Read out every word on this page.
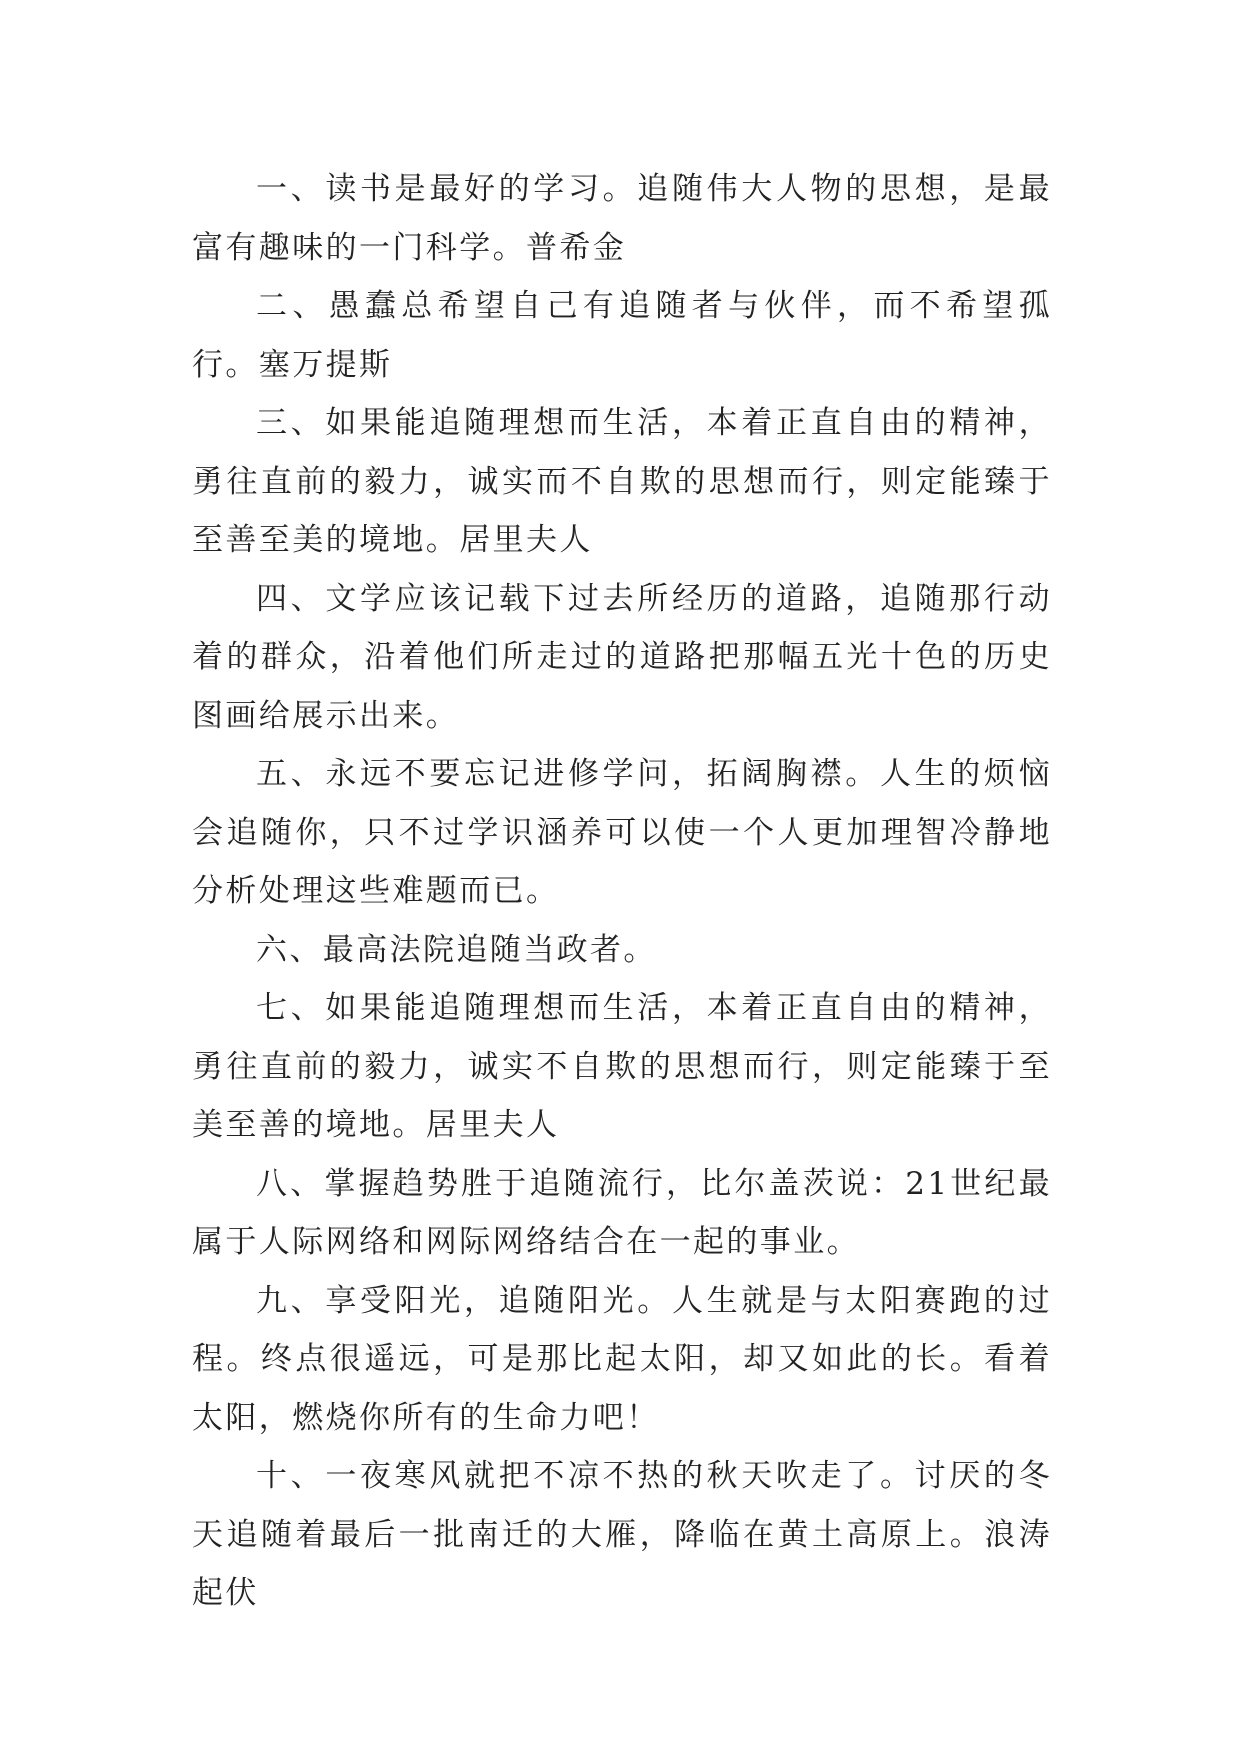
一、读书是最好的学习。追随伟大人物的思想，是最富有趣味的一门科学。普希金

二、愚蠢总希望自己有追随者与伙伴，而不希望孤行。塞万提斯

三、如果能追随理想而生活，本着正直自由的精神，勇往直前的毅力，诚实而不自欺的思想而行，则定能臻于至善至美的境地。居里夫人

四、文学应该记载下过去所经历的道路，追随那行动着的群众，沿着他们所走过的道路把那幅五光十色的历史图画给展示出来。

五、永远不要忘记进修学问，拓阔胸襟。人生的烦恼会追随你，只不过学识涵养可以使一个人更加理智冷静地分析处理这些难题而已。

六、最高法院追随当政者。

七、如果能追随理想而生活，本着正直自由的精神，勇往直前的毅力，诚实不自欺的思想而行，则定能臻于至美至善的境地。居里夫人

八、掌握趋势胜于追随流行，比尔盖茨说：21世纪最属于人际网络和网际网络结合在一起的事业。

九、享受阳光，追随阳光。人生就是与太阳赛跑的过程。终点很遥远，可是那比起太阳，却又如此的长。看着太阳，燃烧你所有的生命力吧！

十、一夜寒风就把不凉不热的秋天吹走了。讨厌的冬天追随着最后一批南迁的大雁，降临在黄土高原上。浪涛起伏
